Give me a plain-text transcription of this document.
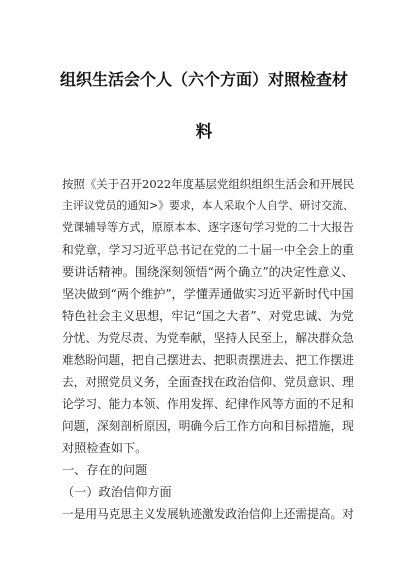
组织生活会个人（六个方面）对照检查材
料

按照《关于召开2022年度基层党组织组织生活会和开展民

主评议党员的通知>》要求，本人采取个人自学、研讨交流、

党课辅导等方式，原原本本、逐字逐句学习党的二十大报告

和党章，学习习近平总书记在党的二十届一中全会上的重

要讲话精神。围绕深刻领悟“两个确立”的决定性意义、

坚决做到“两个维护”，学懂弄通做实习近平新时代中国

特色社会主义思想，牢记“国之大者”、对党忠诚、为党

分忧、为党尽责、为党奉献，坚持人民至上，解决群众急

难愁盼问题，把自己摆进去、把职责摆进去、把工作摆进

去，对照党员义务，全面查找在政治信仰、党员意识、理

论学习、能力本领、作用发挥、纪律作风等方面的不足和

问题，深刻剖析原因，明确今后工作方向和目标措施，现

对照检查如下。

一、存在的问题

（一）政治信仰方面

一是用马克思主义发展轨迹激发政治信仰上还需提高。对
